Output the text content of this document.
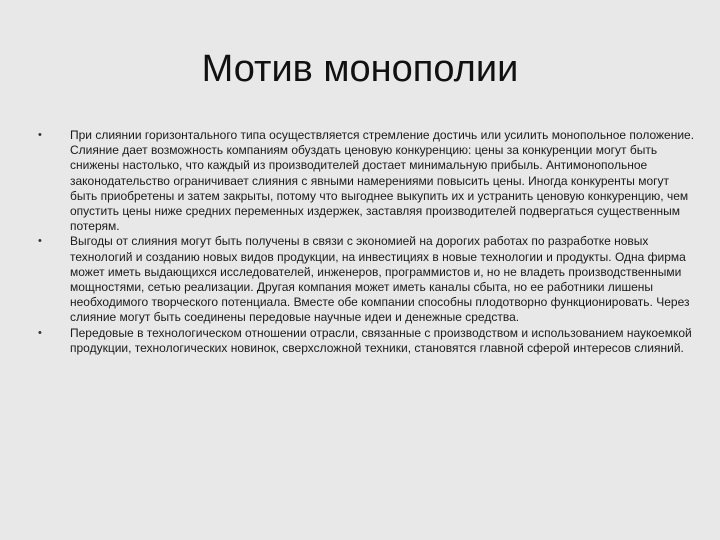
Мотив монополии
•	При слиянии горизонтального типа осуществляется стремление достичь или усилить монопольное положение. Слияние дает возможность компаниям обуздать ценовую конкуренцию: цены за конкуренции могут быть снижены настолько, что каждый из производителей достает минимальную прибыль. Антимонопольное законодательство ограничивает слияния с явными намерениями повысить цены. Иногда конкуренты могут быть приобретены и затем закрыты, потому что выгоднее выкупить их и устранить ценовую конкуренцию, чем опустить цены ниже средних переменных издержек, заставляя производителей подвергаться существенным потерям.
•	Выгоды от слияния могут быть получены в связи с экономией на дорогих работах по разработке новых технологий и созданию новых видов продукции, на инвестициях в новые технологии и продукты. Одна фирма может иметь выдающихся исследователей, инженеров, программистов и, но не владеть производственными мощностями, сетью реализации. Другая компания может иметь каналы сбыта, но ее работники лишены необходимого творческого потенциала. Вместе обе компании способны плодотворно функционировать. Через слияние могут быть соединены передовые научные идеи и денежные средства.
•	Передовые в технологическом отношении отрасли, связанные с производством и использованием наукоемкой продукции, технологических новинок, сверхсложной техники, становятся главной сферой интересов слияний.
